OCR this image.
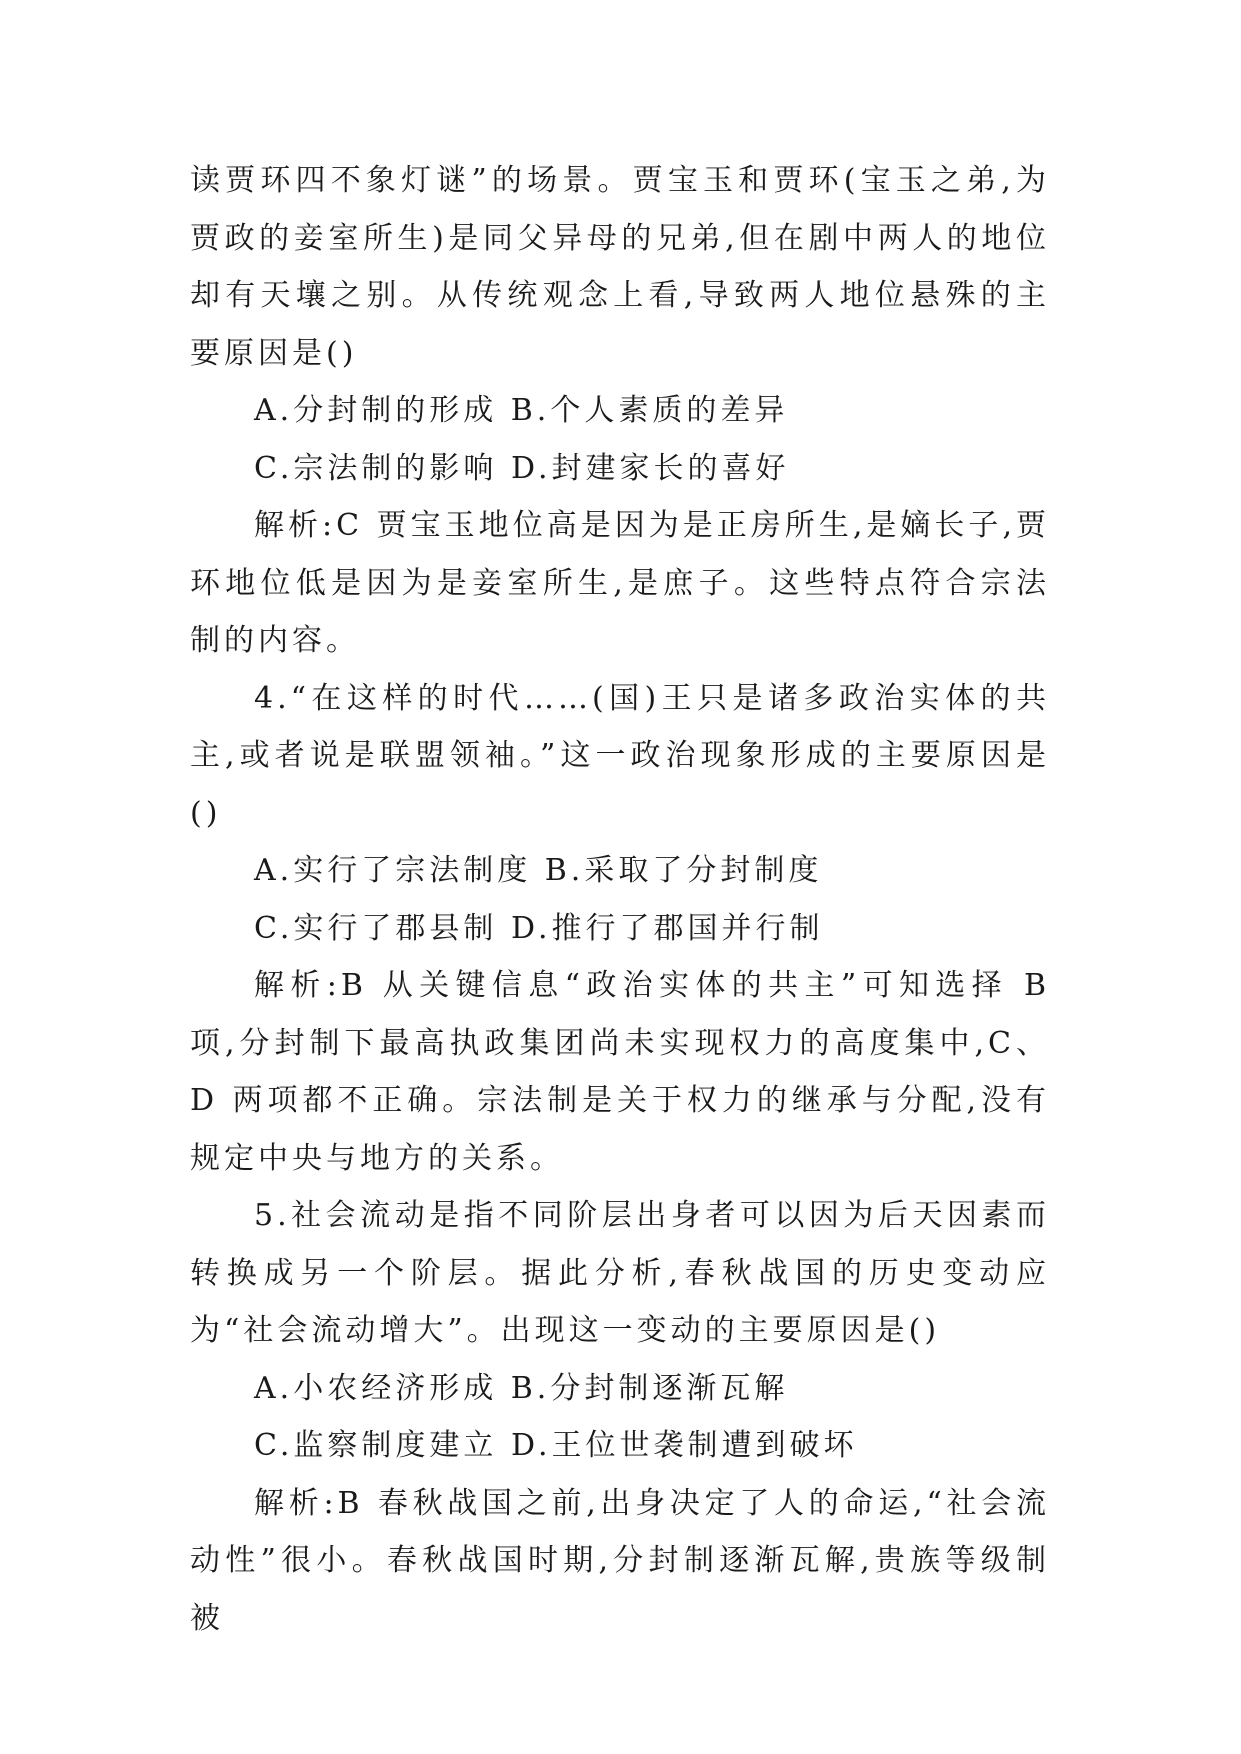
读贾环四不象灯谜”的场景。贾宝玉和贾环(宝玉之弟,为贾政的妾室所生)是同父异母的兄弟,但在剧中两人的地位却有天壤之别。从传统观念上看,导致两人地位悬殊的主要原因是()

A.分封制的形成 B.个人素质的差异

C.宗法制的影响 D.封建家长的喜好

解析:C 贾宝玉地位高是因为是正房所生,是嫡长子,贾环地位低是因为是妾室所生,是庶子。这些特点符合宗法制的内容。

4.“在这样的时代……(国)王只是诸多政治实体的共主,或者说是联盟领袖。”这一政治现象形成的主要原因是()

A.实行了宗法制度 B.采取了分封制度

C.实行了郡县制 D.推行了郡国并行制

解析:B 从关键信息“政治实体的共主”可知选择 B 项,分封制下最高执政集团尚未实现权力的高度集中,C、D 两项都不正确。宗法制是关于权力的继承与分配,没有规定中央与地方的关系。

5.社会流动是指不同阶层出身者可以因为后天因素而转换成另一个阶层。据此分析,春秋战国的历史变动应为“社会流动增大”。出现这一变动的主要原因是()

A.小农经济形成 B.分封制逐渐瓦解

C.监察制度建立 D.王位世袭制遭到破坏

解析:B 春秋战国之前,出身决定了人的命运,“社会流动性”很小。春秋战国时期,分封制逐渐瓦解,贵族等级制被
